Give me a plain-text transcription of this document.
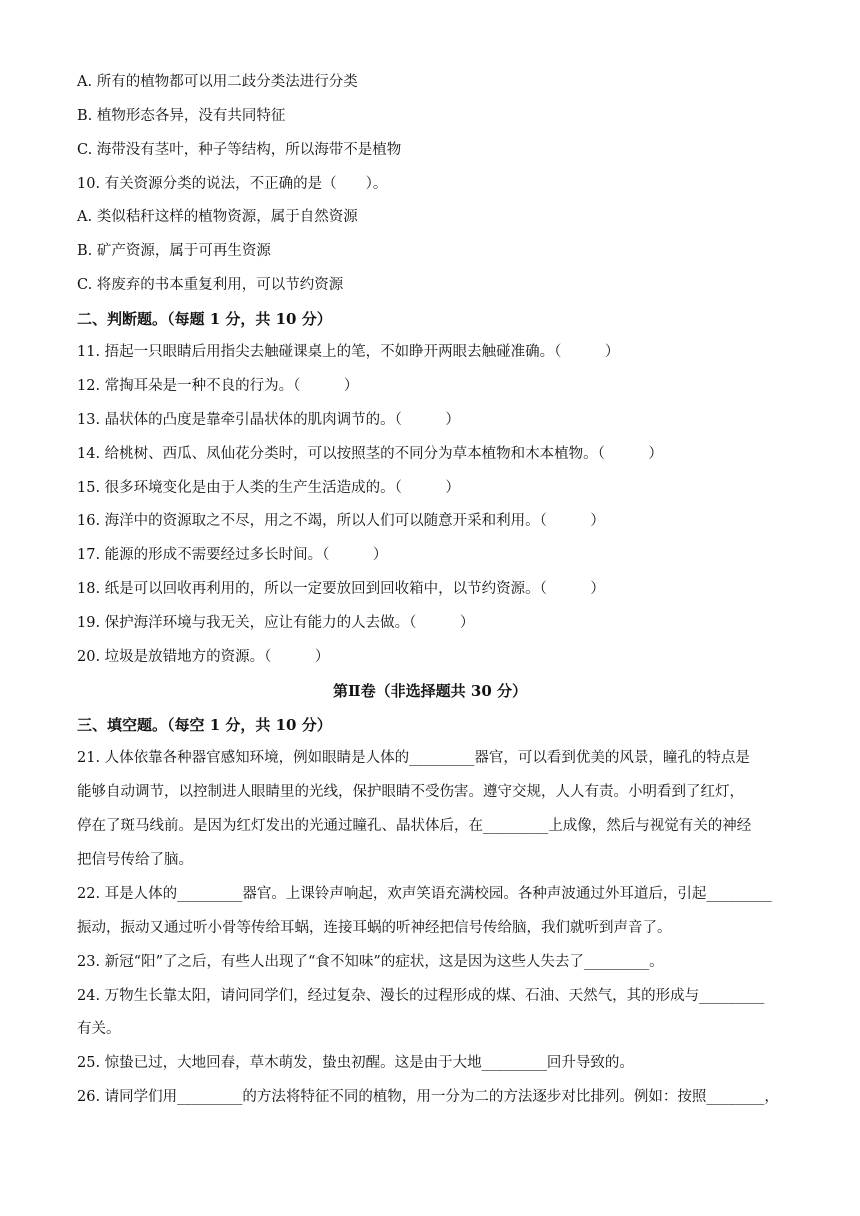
A. 所有的植物都可以用二歧分类法进行分类
B. 植物形态各异，没有共同特征
C. 海带没有茎叶，种子等结构，所以海带不是植物
10. 有关资源分类的说法，不正确的是（　　）。
A. 类似秸秆这样的植物资源，属于自然资源
B. 矿产资源，属于可再生资源
C. 将废弃的书本重复利用，可以节约资源
二、判断题。（每题 1 分，共 10 分）
11. 捂起一只眼睛后用指尖去触碰课桌上的笔，不如睁开两眼去触碰准确。（　　　）
12. 常掏耳朵是一种不良的行为。（　　　）
13. 晶状体的凸度是靠牵引晶状体的肌肉调节的。（　　　）
14. 给桃树、西瓜、凤仙花分类时，可以按照茎的不同分为草本植物和木本植物。（　　　）
15. 很多环境变化是由于人类的生产生活造成的。（　　　）
16. 海洋中的资源取之不尽，用之不竭，所以人们可以随意开采和利用。（　　　）
17. 能源的形成不需要经过多长时间。（　　　）
18. 纸是可以回收再利用的，所以一定要放回到回收箱中，以节约资源。（　　　）
19. 保护海洋环境与我无关，应让有能力的人去做。（　　　）
20. 垃圾是放错地方的资源。（　　　）
第Ⅱ卷（非选择题共 30 分）
三、填空题。（每空 1 分，共 10 分）
21. 人体依靠各种器官感知环境，例如眼睛是人体的_________器官，可以看到优美的风景，瞳孔的特点是
能够自动调节，以控制进人眼睛里的光线，保护眼睛不受伤害。遵守交规，人人有责。小明看到了红灯，
停在了斑马线前。是因为红灯发出的光通过瞳孔、晶状体后，在_________上成像，然后与视觉有关的神经
把信号传给了脑。
22. 耳是人体的_________器官。上课铃声响起，欢声笑语充满校园。各种声波通过外耳道后，引起_________
振动，振动又通过听小骨等传给耳蜗，连接耳蜗的听神经把信号传给脑，我们就听到声音了。
23. 新冠“阳”了之后，有些人出现了“食不知味”的症状，这是因为这些人失去了_________。
24. 万物生长靠太阳，请问同学们，经过复杂、漫长的过程形成的煤、石油、天然气，其的形成与_________
有关。
25. 惊蛰已过，大地回春，草木萌发，蛰虫初醒。这是由于大地_________回升导致的。
26. 请同学们用_________的方法将特征不同的植物，用一分为二的方法逐步对比排列。例如：按照________，
